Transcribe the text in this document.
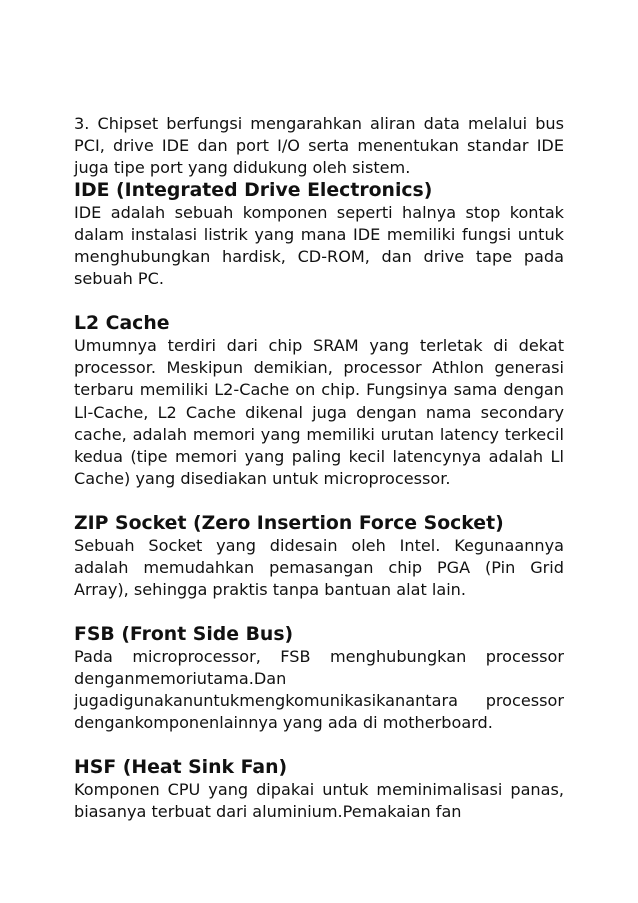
3. Chipset berfungsi mengarahkan aliran data melalui bus PCI, drive IDE dan port I/O serta menentukan standar IDE juga tipe port yang didukung oleh sistem.

IDE (Integrated Drive Electronics)

IDE adalah sebuah komponen seperti halnya stop kontak dalam instalasi listrik yang mana IDE memiliki fungsi untuk menghubungkan hardisk, CD-ROM, dan drive tape pada sebuah PC.

L2 Cache

Umumnya terdiri dari chip SRAM yang terletak di dekat processor. Meskipun demikian, processor Athlon generasi terbaru memiliki L2-Cache on chip. Fungsinya sama dengan Ll-Cache, L2 Cache dikenal juga dengan nama secondary cache, adalah memori yang memiliki urutan latency terkecil kedua (tipe memori yang paling kecil latencynya adalah Ll Cache) yang disediakan untuk microprocessor.

ZIP Socket (Zero Insertion Force Socket)

Sebuah Socket yang didesain oleh Intel. Kegunaannya adalah memudahkan pemasangan chip PGA (Pin Grid Array), sehingga praktis tanpa bantuan alat lain.

FSB (Front Side Bus)

Pada microprocessor, FSB menghubungkan processor denganmemoriutama.Dan jugadigunakanuntukmengkomunikasikanantara processor dengankomponenlainnya yang ada di motherboard.

HSF (Heat Sink Fan)

Komponen CPU yang dipakai untuk meminimalisasi panas, biasanya terbuat dari aluminium.Pemakaian fan
